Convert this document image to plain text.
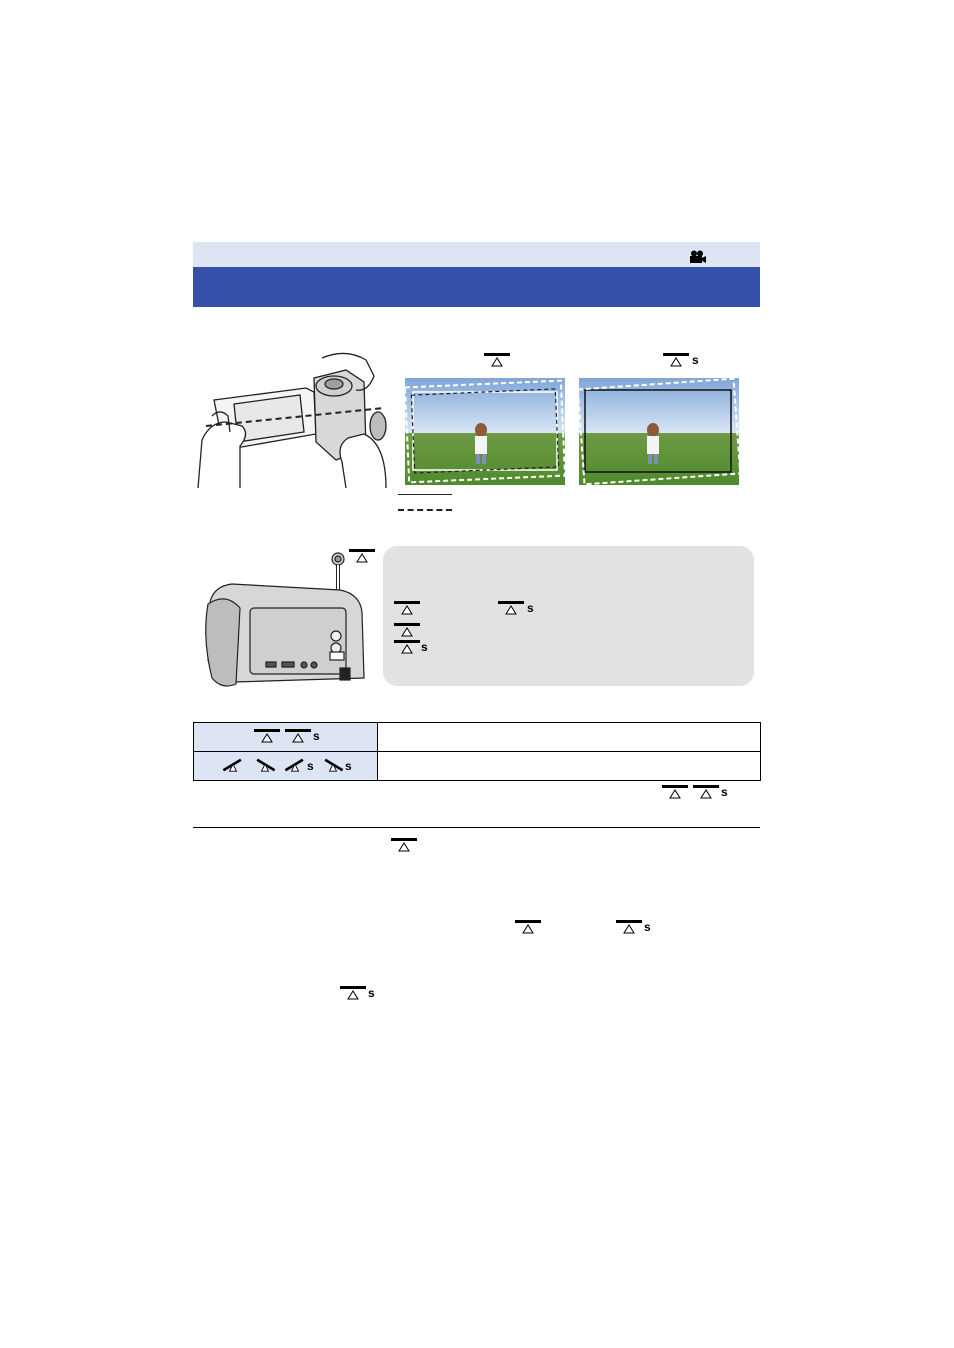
s
s
s
s	

s s	

s
s
s
